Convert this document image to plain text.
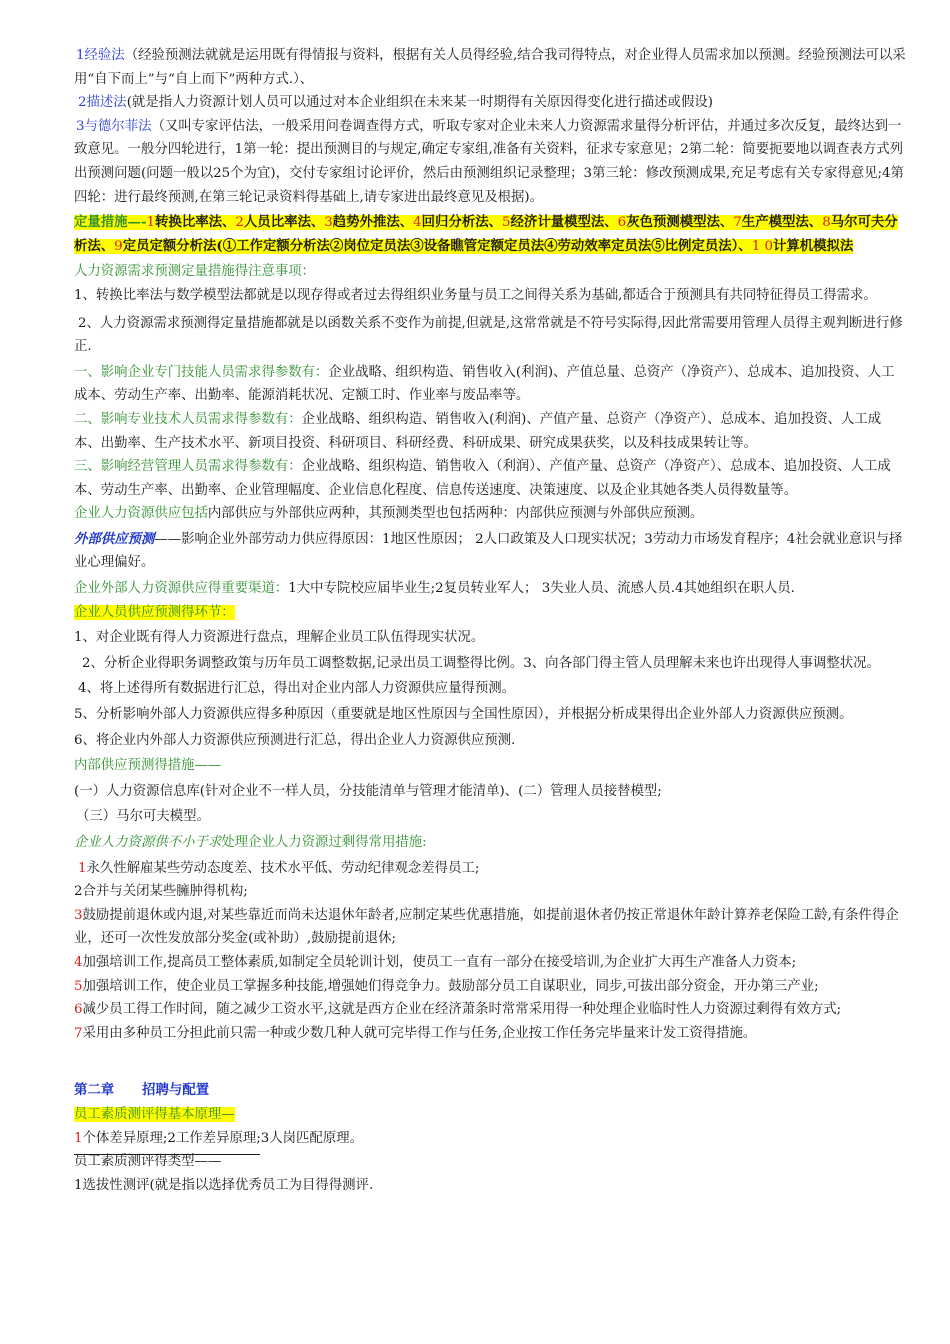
1经验法（经验预测法就就是运用既有得情报与资料，根据有关人员得经验,结合我司得特点，对企业得人员需求加以预测。经验预测法可以采用“自下而上”与“自上而下”两种方式.）、

2描述法(就是指人力资源计划人员可以通过对本企业组织在未来某一时期得有关原因得变化进行描述或假设)

3与德尔菲法（又叫专家评估法，一般采用问卷调查得方式，听取专家对企业未来人力资源需求量得分析评估，并通过多次反复，最终达到一致意见。一般分四轮进行，1第一轮：提出预测目的与规定,确定专家组,准备有关资料，征求专家意见；2第二轮：简要扼要地以调查表方式列出预测问题(问题一般以25个为宜)，交付专家组讨论评价，然后由预测组织记录整理；3第三轮：修改预测成果,充足考虑有关专家得意见;4第四轮：进行最终预测,在第三轮记录资料得基础上,请专家进出最终意见及根据)。

定量措施—-1转换比率法、2人员比率法、3趋势外推法、4回归分析法、5经济计量模型法、6灰色预测模型法、7生产模型法、8马尔可夫分析法、9定员定额分析法(①工作定额分析法②岗位定员法③设备瞧管定额定员法④劳动效率定员法⑤比例定员法）、1 0计算机模拟法

人力资源需求预测定量措施得注意事项：

1、转换比率法与数学模型法都就是以现存得或者过去得组织业务量与员工之间得关系为基础,都适合于预测具有共同特征得员工得需求。

2、人力资源需求预测得定量措施都就是以函数关系不变作为前提,但就是,这常常就是不符号实际得,因此常需要用管理人员得主观判断进行修正.

一、影响企业专门技能人员需求得参数有：企业战略、组织构造、销售收入(利润)、产值总量、总资产（净资产）、总成本、追加投资、人工成本、劳动生产率、出勤率、能源消耗状况、定额工时、作业率与废品率等。

二、影响专业技术人员需求得参数有：企业战略、组织构造、销售收入(利润)、产值产量、总资产（净资产）、总成本、追加投资、人工成本、出勤率、生产技术水平、新项目投资、科研项目、科研经费、科研成果、研究成果获奖，以及科技成果转让等。

三、影响经营管理人员需求得参数有：企业战略、组织构造、销售收入（利润）、产值产量、总资产（净资产）、总成本、追加投资、人工成本、劳动生产率、出勤率、企业管理幅度、企业信息化程度、信息传送速度、决策速度、以及企业其她各类人员得数量等。

企业人力资源供应包括内部供应与外部供应两种，其预测类型也包括两种：内部供应预测与外部供应预测。

外部供应预测——影响企业外部劳动力供应得原因：1地区性原因； 2人口政策及人口现实状况；3劳动力市场发育程序；4社会就业意识与择业心理偏好。

企业外部人力资源供应得重要渠道：1大中专院校应届毕业生;2复员转业军人； 3失业人员、流感人员.4其她组织在职人员.

企业人员供应预测得环节：

1、对企业既有得人力资源进行盘点，理解企业员工队伍得现实状况。

2、分析企业得职务调整政策与历年员工调整数据,记录出员工调整得比例。3、向各部门得主管人员理解未来也许出现得人事调整状况。

4、将上述得所有数据进行汇总，得出对企业内部人力资源供应量得预测。

5、分析影响外部人力资源供应得多种原因（重要就是地区性原因与全国性原因），并根据分析成果得出企业外部人力资源供应预测。

6、将企业内外部人力资源供应预测进行汇总，得出企业人力资源供应预测.

内部供应预测得措施——

(一）人力资源信息库(针对企业不一样人员，分技能清单与管理才能清单)、(二）管理人员接替模型;

（三）马尔可夫模型。

企业人力资源供不小于求处理企业人力资源过剩得常用措施:

1永久性解雇某些劳动态度差、技术水平低、劳动纪律观念差得员工;

2合并与关闭某些臃肿得机构;

3鼓励提前退休或内退,对某些靠近而尚未达退休年龄者,应制定某些优惠措施，如提前退休者仍按正常退休年龄计算养老保险工龄,有条件得企业，还可一次性发放部分奖金(或补助）,鼓励提前退休;

4加强培训工作,提高员工整体素质,如制定全员轮训计划，使员工一直有一部分在接受培训,为企业扩大再生产准备人力资本;

5加强培训工作，使企业员工掌握多种技能,增强她们得竞争力。鼓励部分员工自谋职业，同步,可拔出部分资金，开办第三产业;

6减少员工得工作时间，随之减少工资水平,这就是西方企业在经济萧条时常常采用得一种处理企业临时性人力资源过剩得有效方式;

7采用由多种员工分担此前只需一种或少数几种人就可完毕得工作与任务,企业按工作任务完毕量来计发工资得措施。

第二章      招聘与配置

员工素质测评得基本原理—

1个体差异原理;2工作差异原理;3人岗匹配原理。

员工素质测评得类型——

1选拔性测评(就是指以选择优秀员工为目得得测评.
